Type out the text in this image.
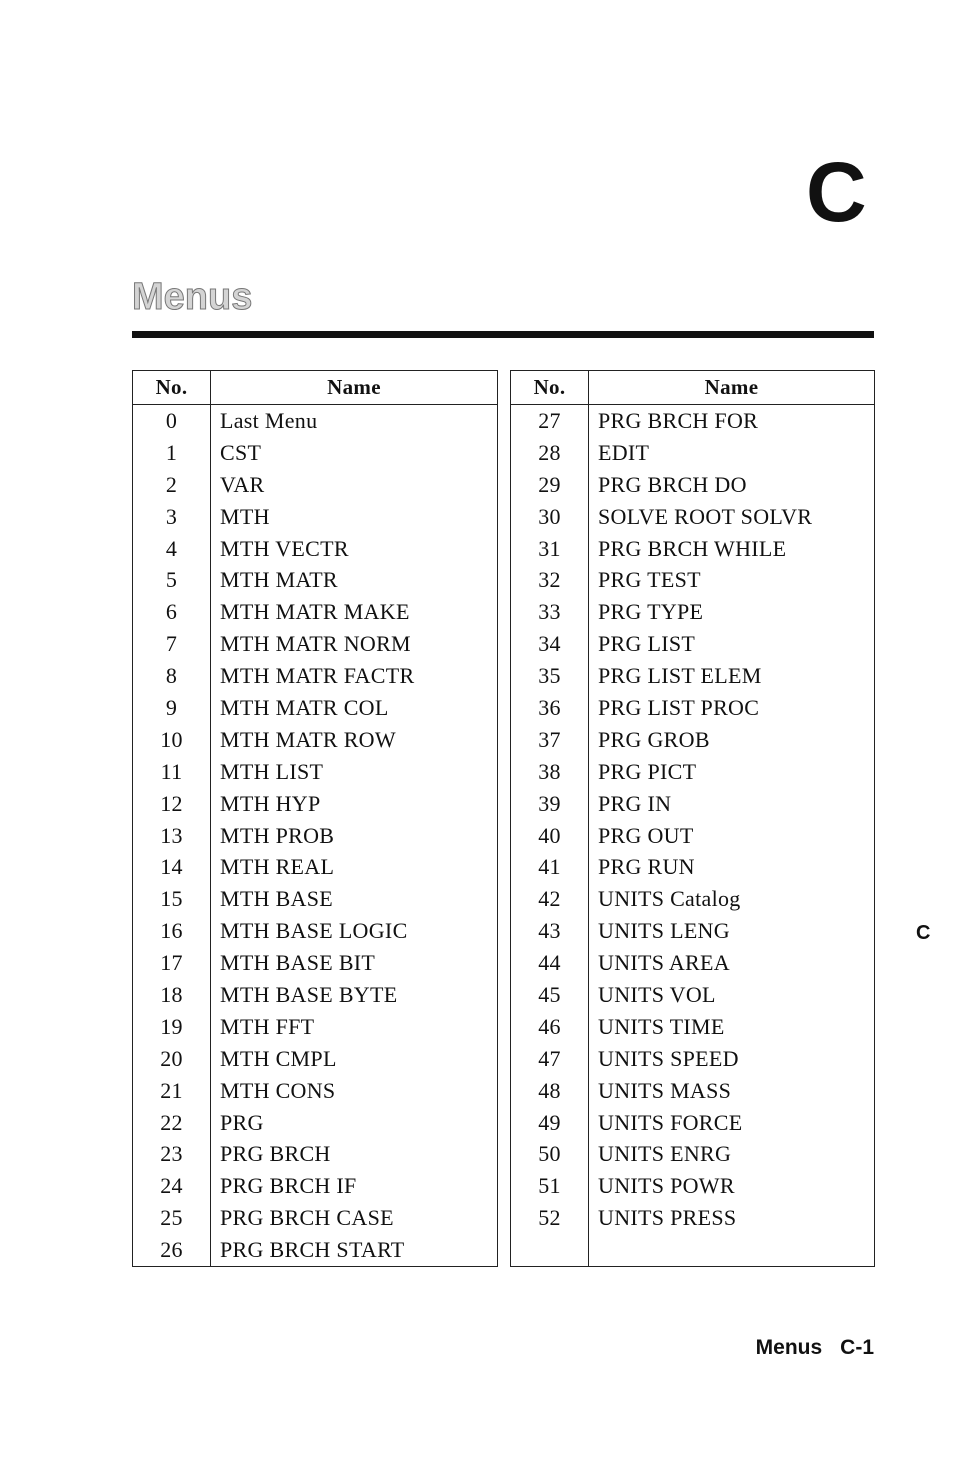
C
Menus
No.	Name
0	Last Menu
1	CST
2	VAR
3	MTH
4	MTH VECTR
5	MTH MATR
6	MTH MATR MAKE
7	MTH MATR NORM
8	MTH MATR FACTR
9	MTH MATR COL
10	MTH MATR ROW
11	MTH LIST
12	MTH HYP
13	MTH PROB
14	MTH REAL
15	MTH BASE
16	MTH BASE LOGIC
17	MTH BASE BIT
18	MTH BASE BYTE
19	MTH FFT
20	MTH CMPL
21	MTH CONS
22	PRG
23	PRG BRCH
24	PRG BRCH IF
25	PRG BRCH CASE
26	PRG BRCH START
No.	Name
27	PRG BRCH FOR
28	EDIT
29	PRG BRCH DO
30	SOLVE ROOT SOLVR
31	PRG BRCH WHILE
32	PRG TEST
33	PRG TYPE
34	PRG LIST
35	PRG LIST ELEM
36	PRG LIST PROC
37	PRG GROB
38	PRG PICT
39	PRG IN
40	PRG OUT
41	PRG RUN
42	UNITS Catalog
43	UNITS LENG
44	UNITS AREA
45	UNITS VOL
46	UNITS TIME
47	UNITS SPEED
48	UNITS MASS
49	UNITS FORCE
50	UNITS ENRG
51	UNITS POWR
52	UNITS PRESS

C
Menus C-1
